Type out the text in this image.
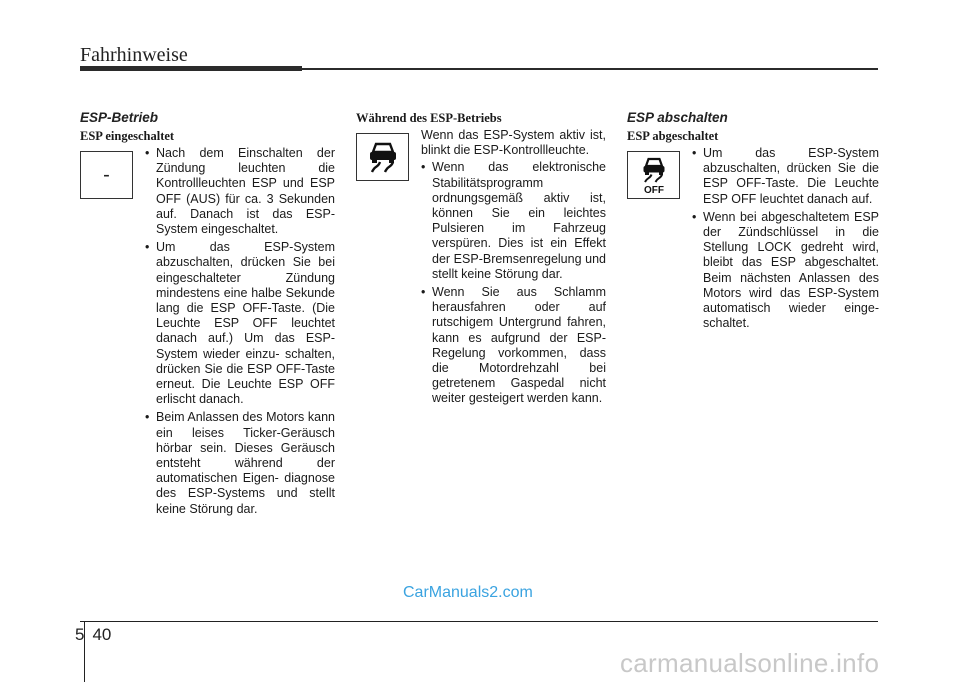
Fahrhinweise
ESP-Betrieb
ESP eingeschaltet
-
• Nach dem Einschalten der Zündung leuchten die Kontrollleuchten ESP und ESP OFF (AUS) für ca. 3 Sekunden auf. Danach ist das ESP-System eingeschaltet.
• Um das ESP-System abzuschalten, drücken Sie bei eingeschalteter Zündung mindestens eine halbe Sekunde lang die ESP OFF-Taste. (Die Leuchte ESP OFF leuchtet danach auf.) Um das ESP-System wieder einzu- schalten, drücken Sie die ESP OFF-Taste erneut. Die Leuchte ESP OFF erlischt danach.
• Beim Anlassen des Motors kann ein leises Ticker-Geräusch hörbar sein. Dieses Geräusch entsteht während der automatischen Eigen- diagnose des ESP-Systems und stellt keine Störung dar.
Während des ESP-Betriebs

Wenn das ESP-System aktiv ist, blinkt die ESP-Kontrollleuchte.

• Wenn das elektronische Stabilitätsprogramm ordnungsgemäß aktiv ist, können Sie ein leichtes Pulsieren im Fahrzeug verspüren. Dies ist ein Effekt der ESP-Bremsenregelung und stellt keine Störung dar.
• Wenn Sie aus Schlamm herausfahren oder auf rutschigem Untergrund fahren, kann es aufgrund der ESP-Regelung vorkommen, dass die Motordrehzahl bei getretenem Gaspedal nicht weiter gesteigert werden kann.
ESP abschalten
ESP abgeschaltet
OFF
• Um das ESP-System abzuschalten, drücken Sie die ESP OFF-Taste. Die Leuchte ESP OFF leuchtet danach auf.
• Wenn bei abgeschaltetem ESP der Zündschlüssel in die Stellung LOCK gedreht wird, bleibt das ESP abgeschaltet. Beim nächsten Anlassen des Motors wird das ESP-System automatisch wieder einge- schaltet.
CarManuals2.com
5 40
carmanualsonline.info
